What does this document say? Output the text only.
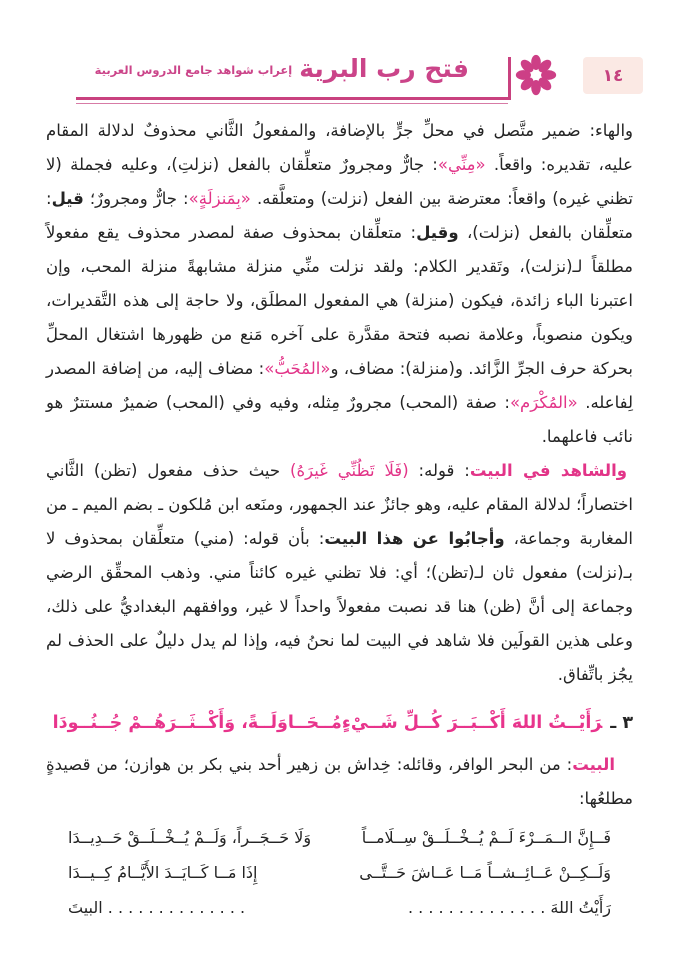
فتح رب البرية
إعراب شواهد جامع الدروس العربية	١٤

والهاء: ضمير متَّصل في محلِّ جرٍّ بالإضافة، والمفعولُ الثَّاني محذوفٌ لدلالة المقام عليه، تقديره: واقعاً. «مِنِّي»: جارٌّ ومجرورٌ متعلِّقان بالفعل (نزلتِ)، وعليه فجملة (لا تظني غيره) واقعاً: معترضة بين الفعل (نزلت) ومتعلَّقه. «بِمَنزلَةٍ»: جارٌّ ومجرورٌ؛ قيل: متعلِّقان بالفعل (نزلت)، وقيل: متعلِّقان بمحذوف صفة لمصدر محذوف يقع مفعولاً مطلقاً لـ(نزلت)، وتَقدير الكلام: ولقد نزلت منِّي منزلة مشابهةً منزلة المحب، وإن اعتبرنا الباء زائدة، فيكون (منزلة) هي المفعول المطلَق، ولا حاجة إلى هذه التَّقديرات، ويكون منصوباً، وعلامة نصبه فتحة مقدَّرة على آخره مَنع من ظهورها اشتغال المحلِّ بحركة حرف الجرِّ الزَّائد. و(منزلة): مضاف، و«المُحَبُّ»: مضاف إليه، من إضافة المصدر لِفاعله. «المُكْرَم»: صفة (المحب) مجرورٌ مِثله، وفيه وفي (المحب) ضميرٌ مستترٌ هو نائب فاعلهما.

والشاهد في البيت: قوله: (فَلَا تَظُنِّي غَيرَهُ) حيث حذف مفعول (تظن) الثَّاني اختصاراً؛ لدلالة المقام عليه، وهو جائزٌ عند الجمهور، ومنَعه ابن مُلكون ـ بضم الميم ـ من المغاربة وجماعة، وأجابُوا عن هذا البيت: بأن قوله: (مني) متعلِّقان بمحذوف لا بـ(نزلت) مفعول ثان لـ(تظن)؛ أي: فلا تظني غيره كائناً مني. وذهب المحقِّق الرضي وجماعة إلى أنَّ (ظن) هنا قد نصبت مفعولاً واحداً لا غير، ووافقهم البغداديُّ على ذلك، وعلى هذين القولَين فلا شاهد في البيت لما نحنُ فيه، وإذا لم يدل دليلٌ على الحذف لم يجُز باتِّفاق.

٣ ـرَأَيْــتُ اللهَ أَكْــبَــرَ كُــلِّ شَــيْءٍ
مُــحَــاوَلَــةً، وَأَكْــثَــرَهُــمْ جُــنُــودَا

البيت: من البحر الوافر، وقائله: خِداش بن زهير أحد بني بكر بن هوازن؛ من قصيدةٍ مطلعُها:

فَــإِنَّ الــمَــرْءَ لَــمْ يُــخْــلَــقْ سِــلَامــاً
وَلَا حَــجَــراً، وَلَــمْ يُــخْــلَــقْ حَــدِيــدَا
وَلَــكِــنْ عَــائِــشــاً مَــا عَــاشَ حَــتَّــى
إِذَا مَــا كَــايَــدَ الأَيَّــامُ كِــيــدَا
رَأَيْتُ اللهَ . . . . . . . . . . . . . .
. . . . . . . . . . . . . . البيتَ
